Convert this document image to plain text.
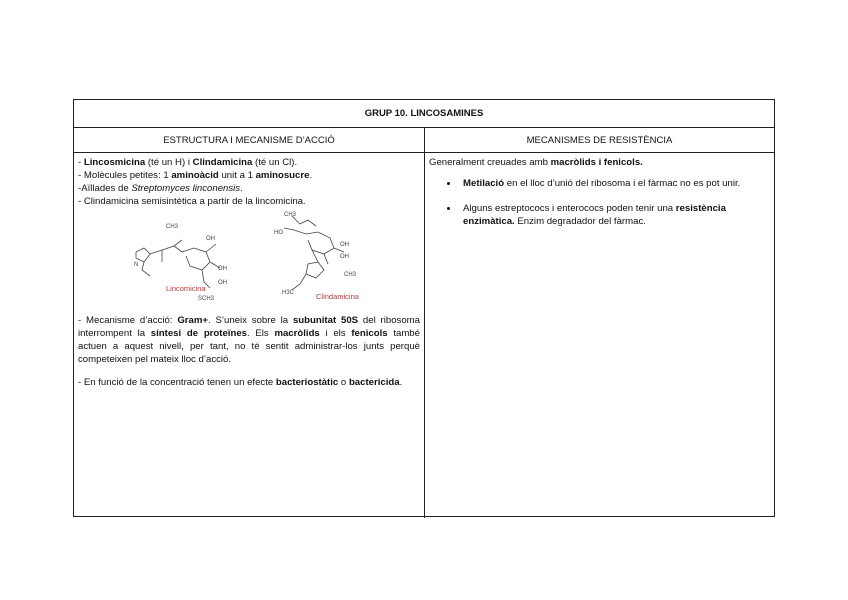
GRUP 10. LINCOSAMINES
ESTRUCTURA I MECANISME D’ACCIÓ	MECANISMES DE RESISTÈNCIA

- Lincosmicina (té un H) i Clindamicina (té un Cl).

- Molècules petites: 1 aminoàcid unit a 1 aminosucre.

-Aïllades de Streptomyces linconensis.

- Clindamicina semisintètica a partir de la lincomicina.

CH3
OH
OH
OH
SCH3
N
CH3
HO
OH
OH
CH3
H3C
Lincomicina
Clindamicina

- Mecanisme d’acció: Gram+. S’uneix sobre la subunitat 50S del ribosoma interrompent la síntesi de proteïnes. Els macròlids i els fenicols també actuen a aquest nivell, per tant, no té sentit administrar-los junts perquè competeixen pel mateix lloc d’acció.

- En funció de la concentració tenen un efecte bacteriostàtic o bactericida.

Generalment creuades amb macròlids i fenicols.

• Metilació en el lloc d’unió del ribosoma i el fàrmac no es pot unir.
• Alguns estreptococs i enterococs poden tenir una resistència enzimàtica. Enzim degradador del fàrmac.
